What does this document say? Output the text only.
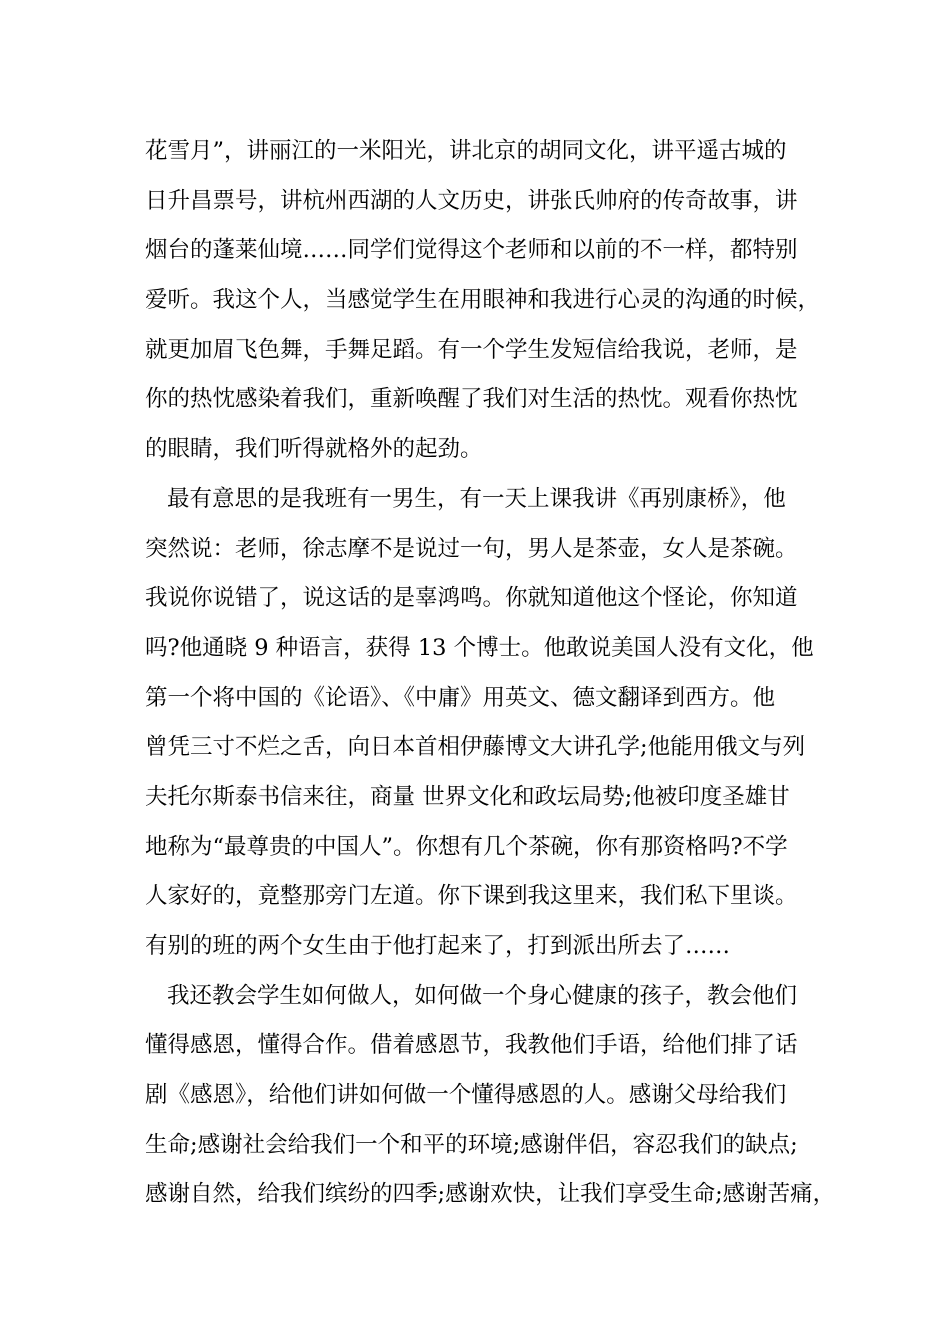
花雪月”，讲丽江的一米阳光，讲北京的胡同文化，讲平遥古城的
日升昌票号，讲杭州西湖的人文历史，讲张氏帅府的传奇故事，讲
烟台的蓬莱仙境……同学们觉得这个老师和以前的不一样，都特别
爱听。我这个人，当感觉学生在用眼神和我进行心灵的沟通的时候，
就更加眉飞色舞，手舞足蹈。有一个学生发短信给我说，老师，是
你的热忱感染着我们，重新唤醒了我们对生活的热忱。观看你热忱
的眼睛，我们听得就格外的起劲。
最有意思的是我班有一男生，有一天上课我讲《再别康桥》，他
突然说：老师，徐志摩不是说过一句，男人是茶壶，女人是茶碗。
我说你说错了，说这话的是辜鸿鸣。你就知道他这个怪论，你知道
吗?他通晓 9 种语言，获得 13 个博士。他敢说美国人没有文化，他
第一个将中国的《论语》、《中庸》用英文、德文翻译到西方。他
曾凭三寸不烂之舌，向日本首相伊藤博文大讲孔学;他能用俄文与列
夫托尔斯泰书信来往，商量 世界文化和政坛局势;他被印度圣雄甘
地称为“最尊贵的中国人”。你想有几个茶碗，你有那资格吗?不学
人家好的，竟整那旁门左道。你下课到我这里来，我们私下里谈。
有别的班的两个女生由于他打起来了，打到派出所去了……
我还教会学生如何做人，如何做一个身心健康的孩子，教会他们
懂得感恩，懂得合作。借着感恩节，我教他们手语，给他们排了话
剧《感恩》，给他们讲如何做一个懂得感恩的人。感谢父母给我们
生命;感谢社会给我们一个和平的环境;感谢伴侣，容忍我们的缺点;
感谢自然，给我们缤纷的四季;感谢欢快，让我们享受生命;感谢苦痛，
